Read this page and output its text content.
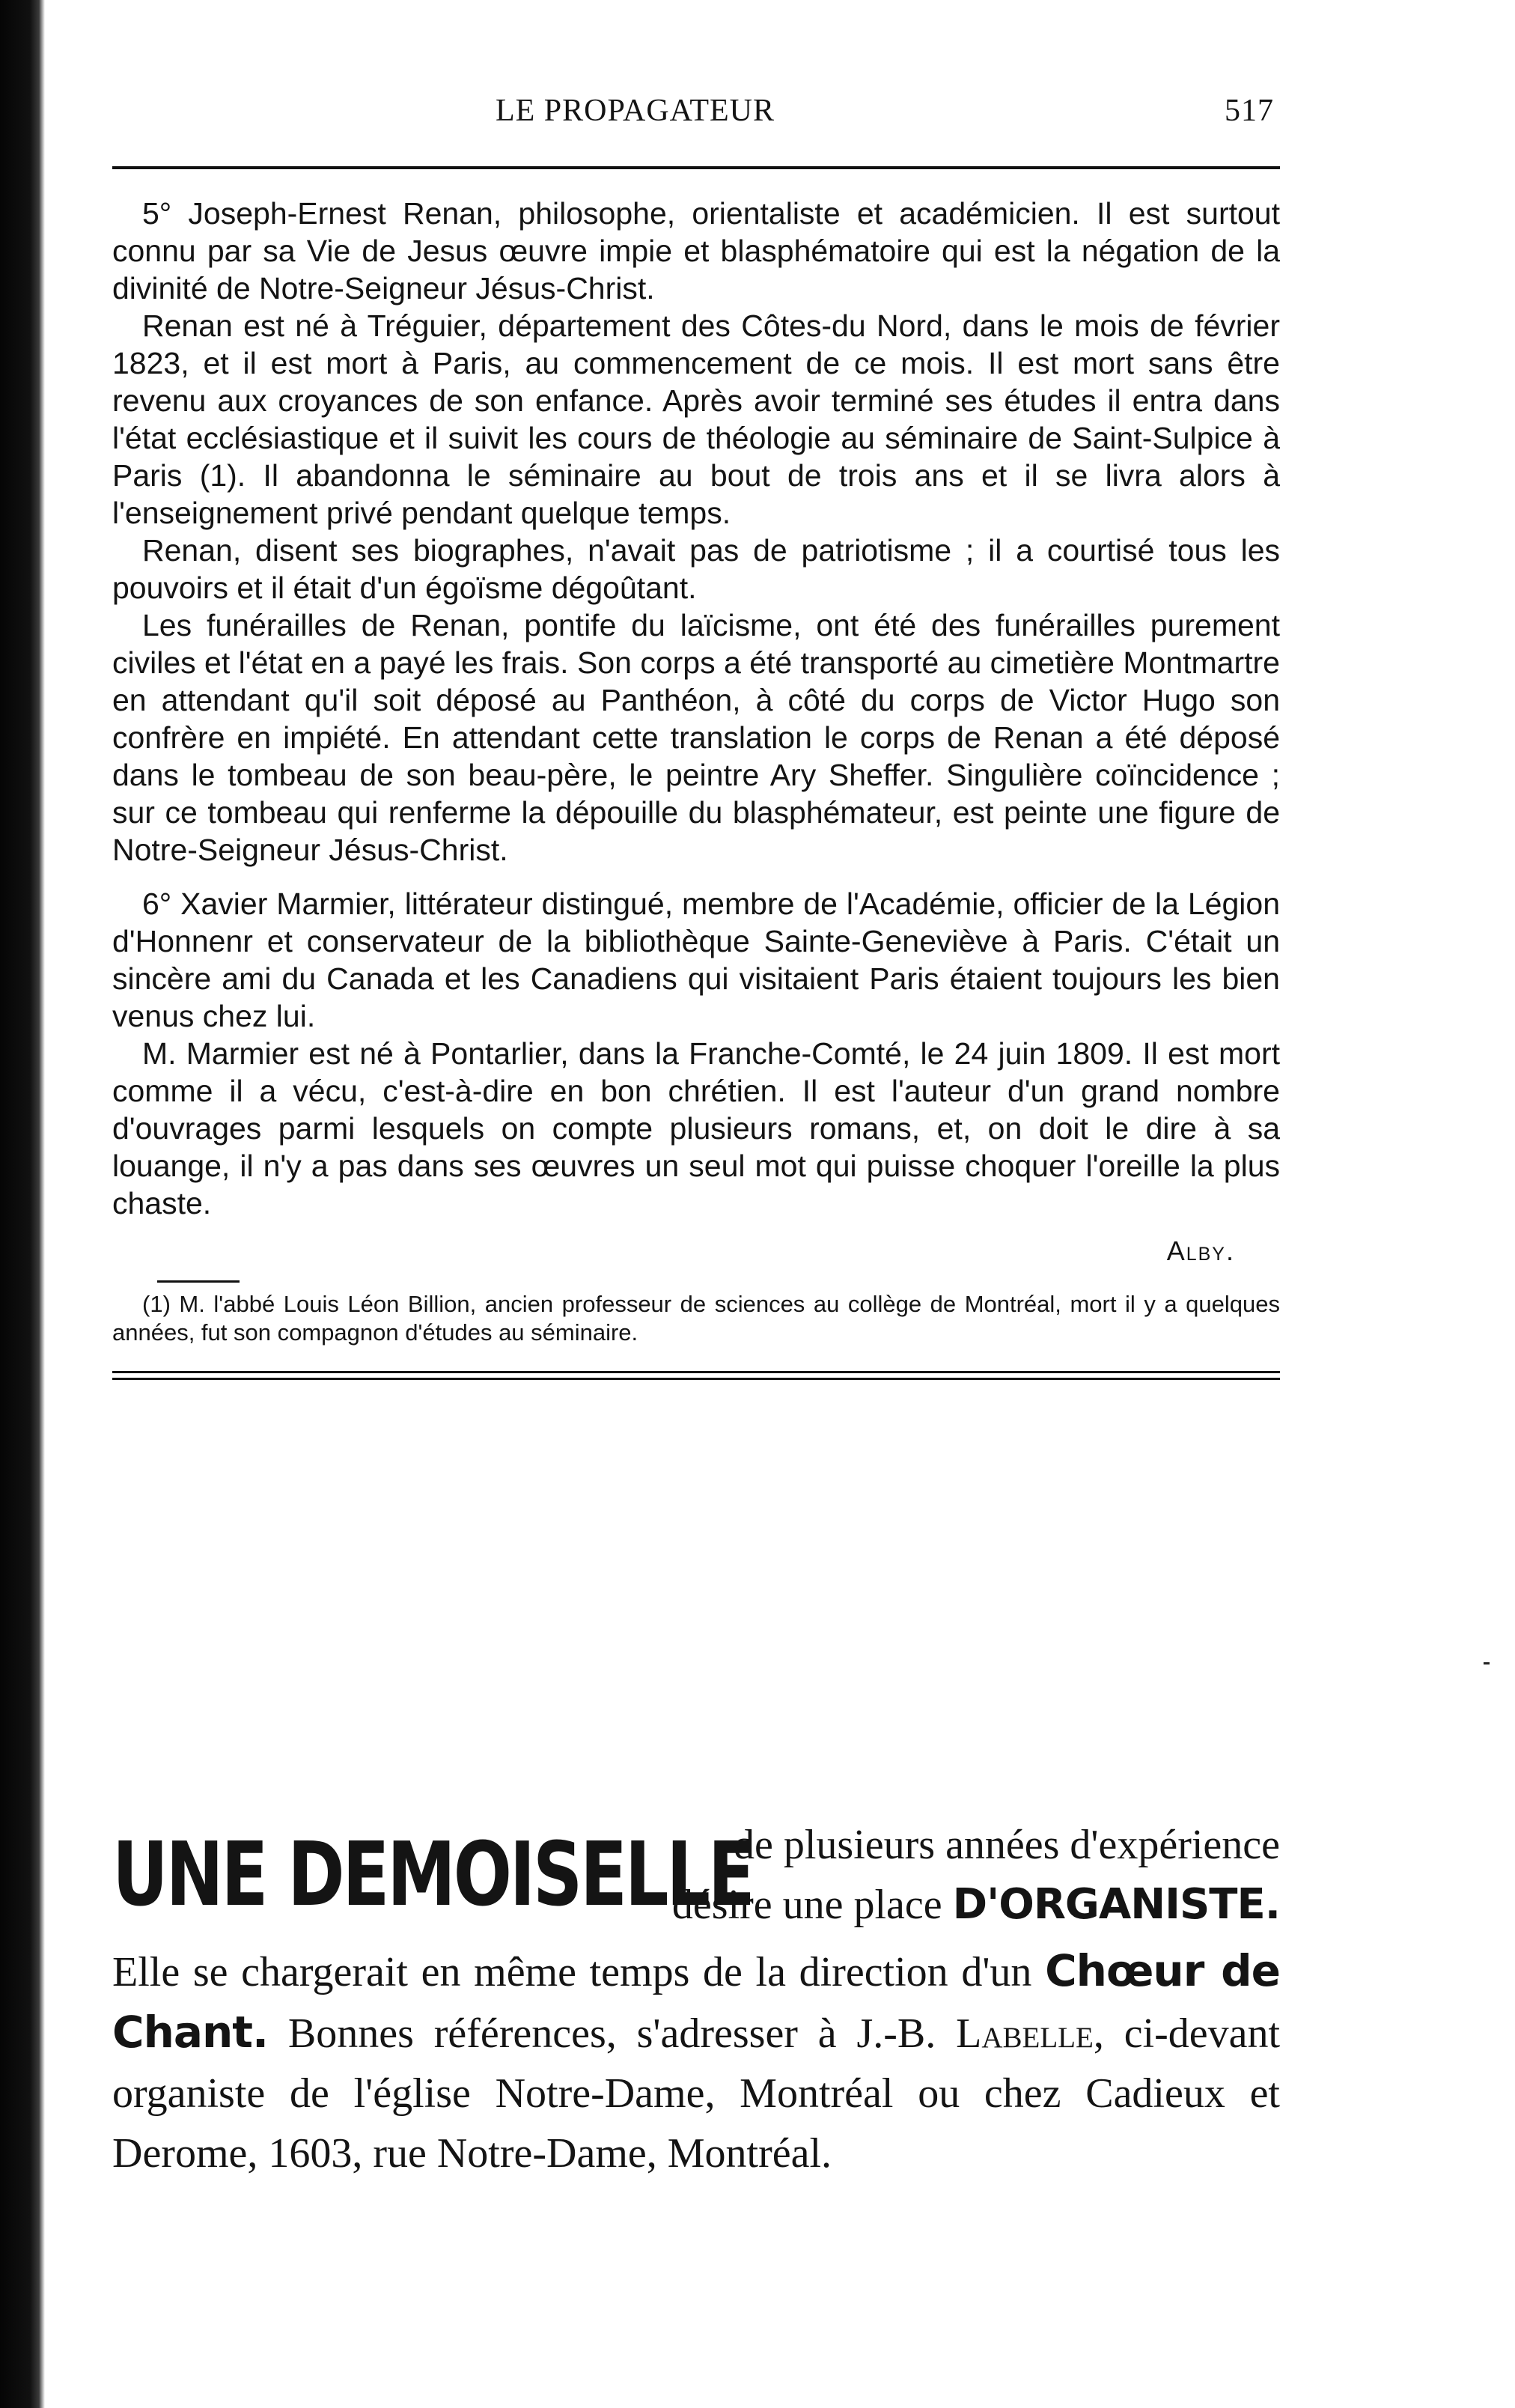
LE PROPAGATEUR	517

5° Joseph-Ernest Renan, philosophe, orientaliste et académicien. Il est surtout connu par sa Vie de Jesus œuvre impie et blasphématoire qui est la négation de la divinité de Notre-Seigneur Jésus-Christ.

Renan est né à Tréguier, département des Côtes-du Nord, dans le mois de février 1823, et il est mort à Paris, au commencement de ce mois. Il est mort sans être revenu aux croyances de son enfance. Après avoir terminé ses études il entra dans l'état ecclésiastique et il suivit les cours de théologie au séminaire de Saint-Sulpice à Paris (1). Il abandonna le séminaire au bout de trois ans et il se livra alors à l'enseignement privé pendant quelque temps.

Renan, disent ses biographes, n'avait pas de patriotisme ; il a courtisé tous les pouvoirs et il était d'un égoïsme dégoûtant.

Les funérailles de Renan, pontife du laïcisme, ont été des funérailles purement civiles et l'état en a payé les frais. Son corps a été transporté au cimetière Montmartre en attendant qu'il soit déposé au Panthéon, à côté du corps de Victor Hugo son confrère en impiété. En attendant cette translation le corps de Renan a été déposé dans le tombeau de son beau-père, le peintre Ary Sheffer. Singulière coïncidence ; sur ce tombeau qui renferme la dépouille du blasphémateur, est peinte une figure de Notre-Seigneur Jésus-Christ.

6° Xavier Marmier, littérateur distingué, membre de l'Académie, officier de la Légion d'Honnenr et conservateur de la bibliothèque Sainte-Geneviève à Paris. C'était un sincère ami du Canada et les Canadiens qui visitaient Paris étaient toujours les bien venus chez lui.

M. Marmier est né à Pontarlier, dans la Franche-Comté, le 24 juin 1809. Il est mort comme il a vécu, c'est-à-dire en bon chrétien. Il est l'auteur d'un grand nombre d'ouvrages parmi lesquels on compte plusieurs romans, et, on doit le dire à sa louange, il n'y a pas dans ses œuvres un seul mot qui puisse choquer l'oreille la plus chaste.

Alby.

(1) M. l'abbé Louis Léon Billion, ancien professeur de sciences au collège de Montréal, mort il y a quelques années, fut son compagnon d'études au séminaire.

UNE DEMOISELLE
de plusieurs années d'expérience
désire une place D'ORGANISTE.

Elle se chargerait en même temps de la direction d'un Chœur de Chant. Bonnes références, s'adresser à J.-B. Labelle, ci-devant organiste de l'église Notre-Dame, Montréal ou chez Cadieux et Derome, 1603, rue Notre-Dame, Montréal.
